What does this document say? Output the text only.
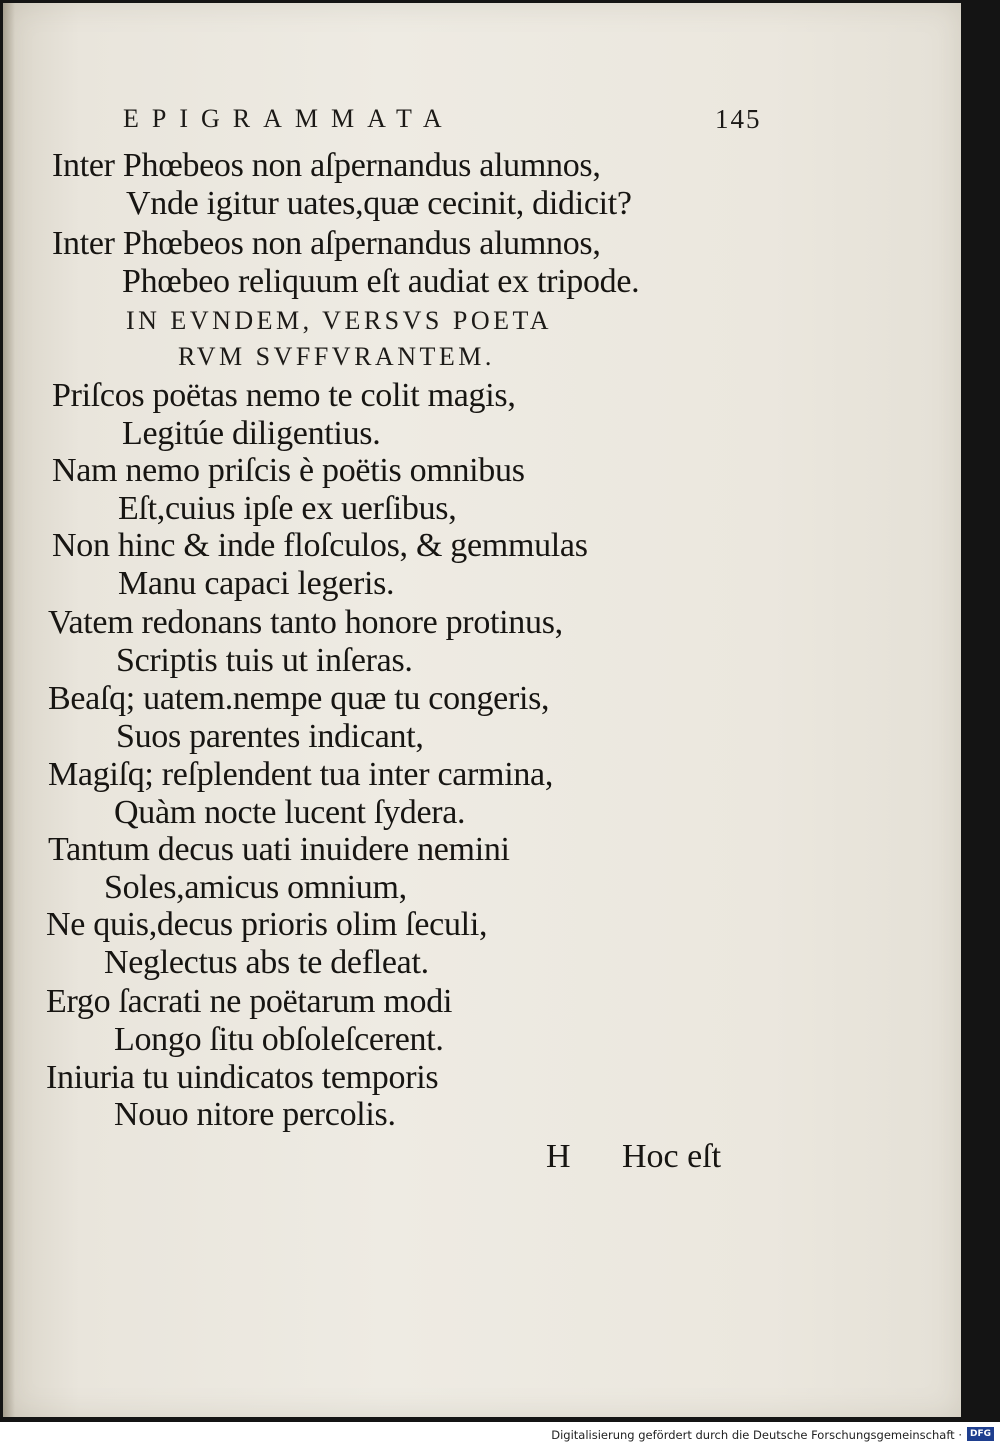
EPIGRAMMATA	145
Inter Phœbeos non aſpernandus alumnos,
Vnde igitur uates,quæ cecinit, didicit?
Inter Phœbeos non aſpernandus alumnos,
Phœbeo reliquum eſt audiat ex tripode.
IN EVNDEM, VERSVS POETA
RVM SVFFVRANTEM.
Priſcos poëtas nemo te colit magis,
Legitúe diligentius.
Nam nemo priſcis è poëtis omnibus
Eſt,cuius ipſe ex uerſibus,
Non hinc & inde floſculos, & gemmulas
Manu capaci legeris.
Vatem redonans tanto honore protinus,
Scriptis tuis ut inſeras.
Beaſq; uatem.nempe quæ tu congeris,
Suos parentes indicant,
Magiſq; reſplendent tua inter carmina,
Quàm nocte lucent ſydera.
Tantum decus uati inuidere nemini
Soles,amicus omnium,
Ne quis,decus prioris olim ſeculi,
Neglectus abs te defleat.
Ergo ſacrati ne poëtarum modi
Longo ſitu obſoleſcerent.
Iniuria tu uindicatos temporis
Nouo nitore percolis.
H Hoc eſt
Digitalisierung gefördert durch die Deutsche Forschungsgemeinschaft · DFG
